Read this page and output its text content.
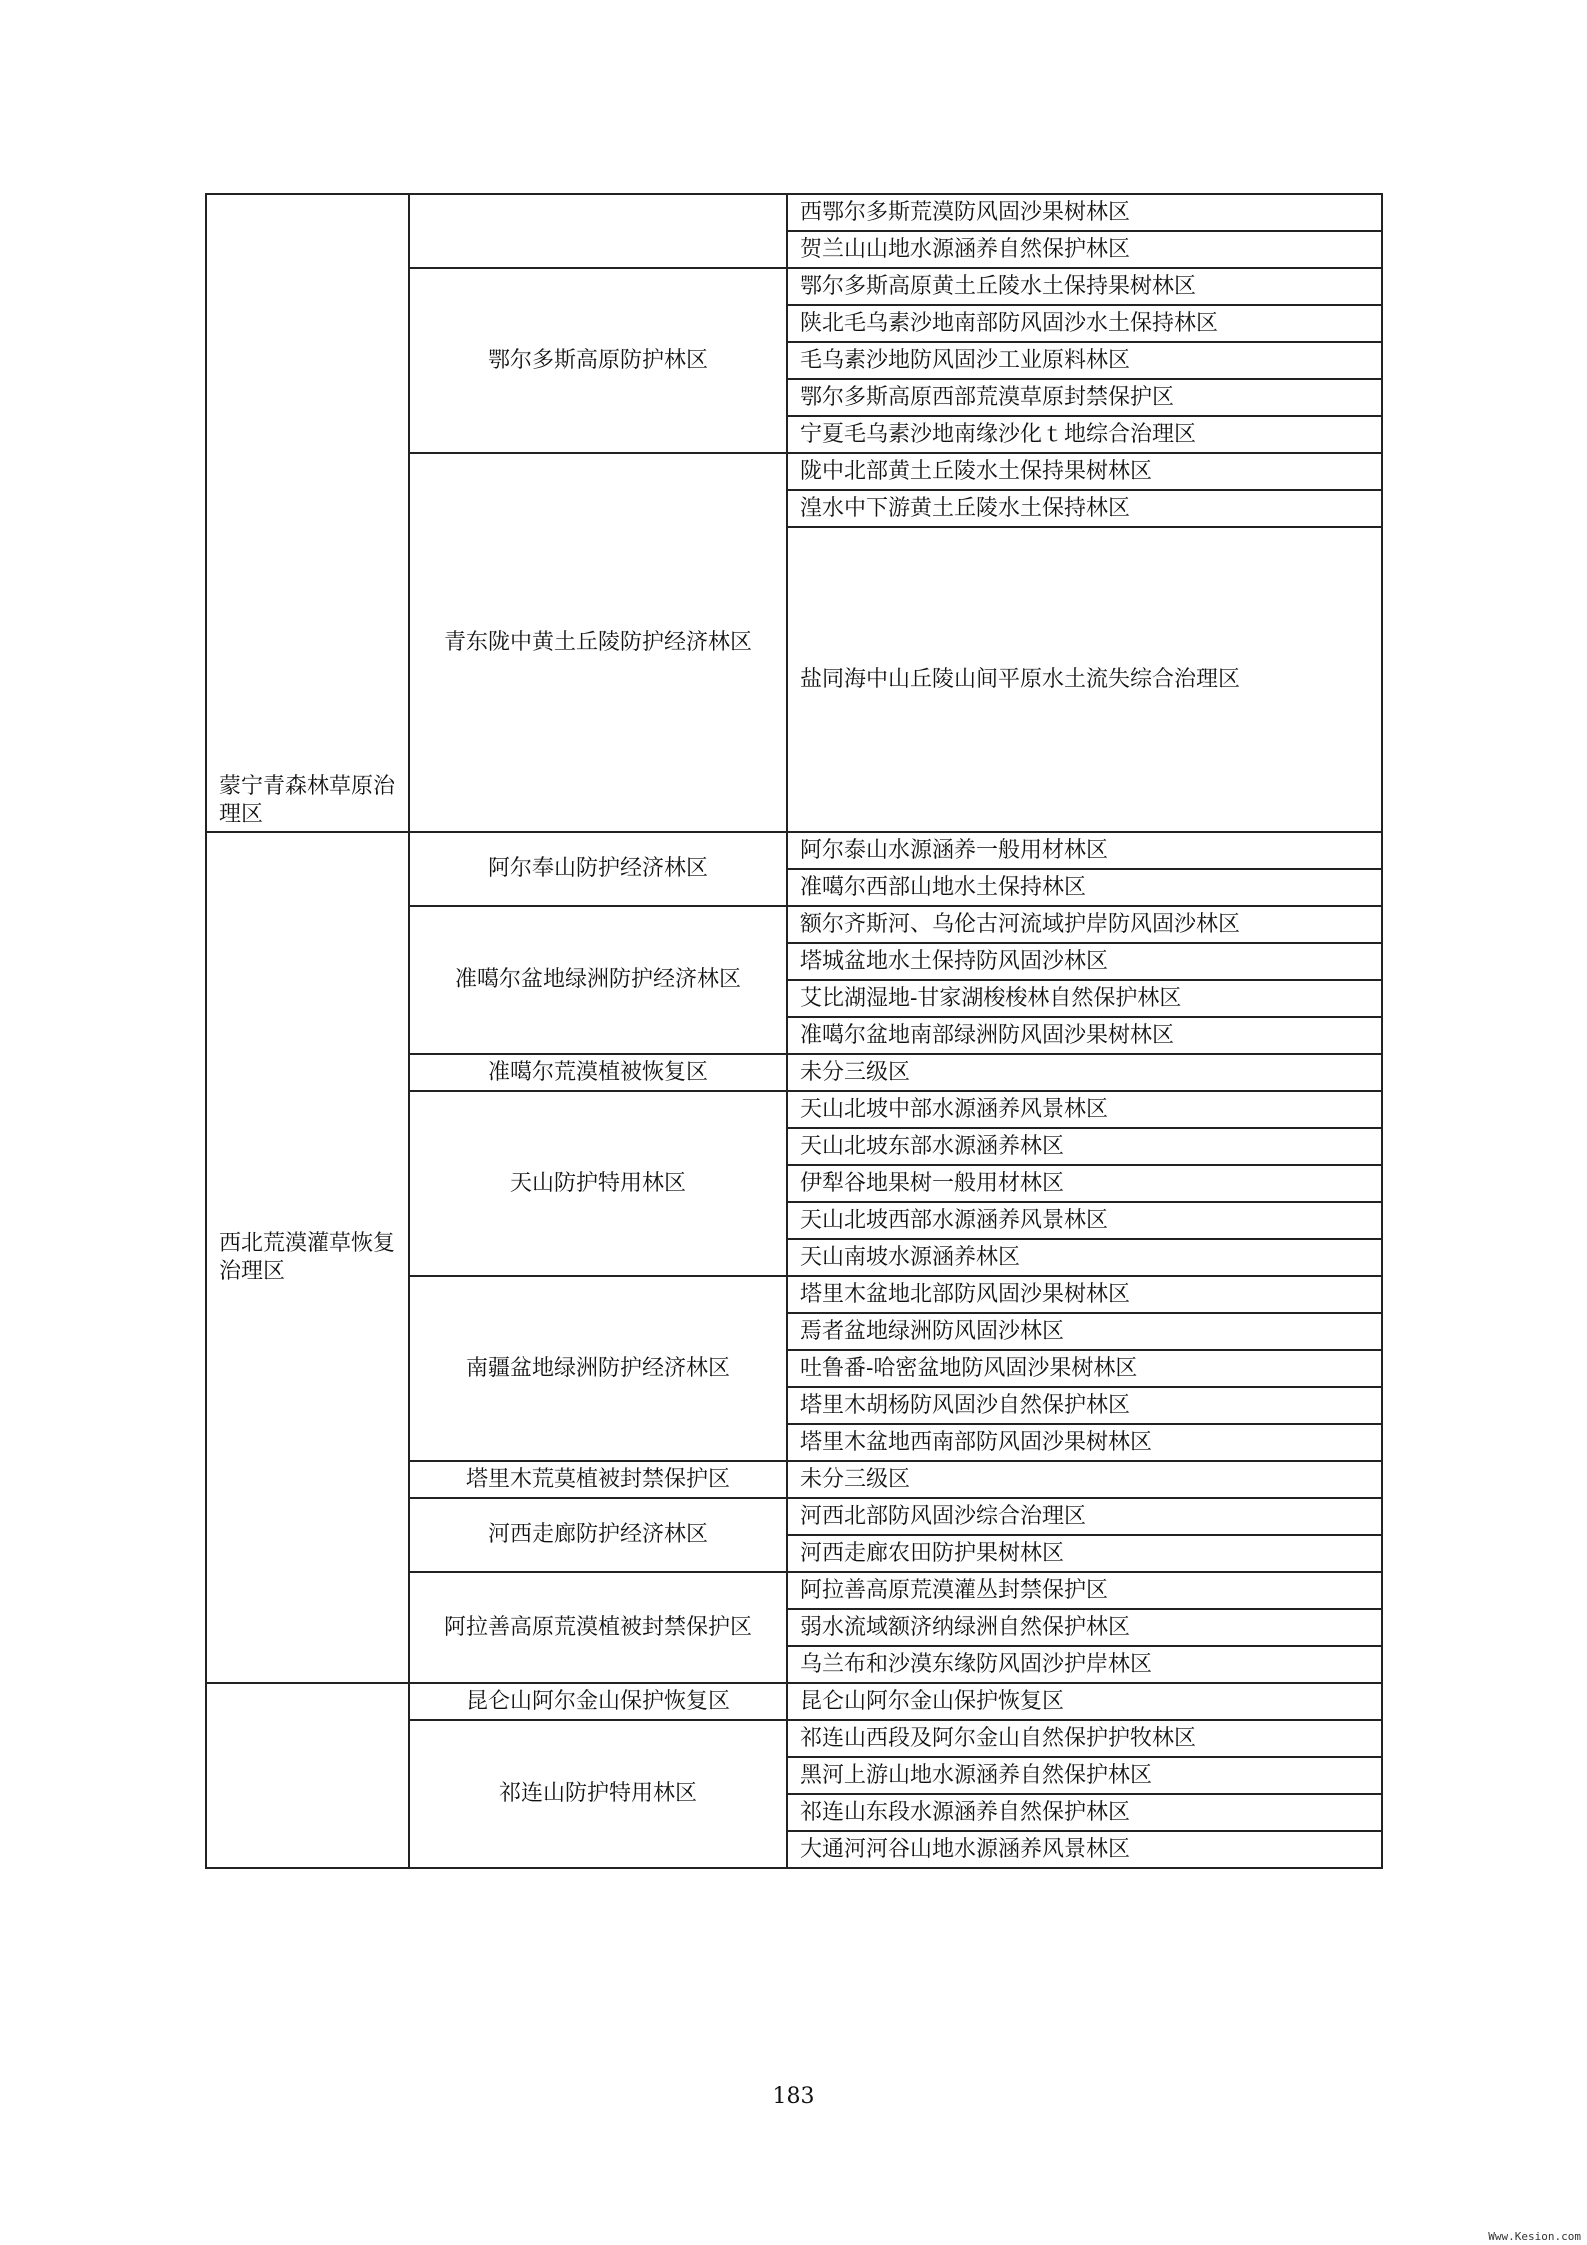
蒙宁青森林草原治理区		西鄂尔多斯荒漠防风固沙果树林区
		贺兰山山地水源涵养自然保护林区
	鄂尔多斯高原防护林区	鄂尔多斯高原黄土丘陵水土保持果树林区
		陕北毛乌素沙地南部防风固沙水土保持林区
		毛乌素沙地防风固沙工业原料林区
		鄂尔多斯高原西部荒漠草原封禁保护区
		宁夏毛乌素沙地南缘沙化ｔ地综合治理区
	青东陇中黄土丘陵防护经济林区	陇中北部黄土丘陵水土保持果树林区
		湟水中下游黄土丘陵水土保持林区
		盐同海中山丘陵山间平原水土流失综合治理区
西北荒漠灌草恢复治理区	阿尔奉山防护经济林区	阿尔泰山水源涵养一般用材林区
		准噶尔西部山地水土保持林区
	准噶尔盆地绿洲防护经济林区	额尔齐斯河、乌伦古河流域护岸防风固沙林区
		塔城盆地水土保持防风固沙林区
		艾比湖湿地-甘家湖梭梭林自然保护林区
		准噶尔盆地南部绿洲防风固沙果树林区
	准噶尔荒漠植被恢复区	未分三级区
	天山防护特用林区	天山北坡中部水源涵养风景林区
		天山北坡东部水源涵养林区
		伊犁谷地果树一般用材林区
		天山北坡西部水源涵养风景林区
		天山南坡水源涵养林区
	南疆盆地绿洲防护经济林区	塔里木盆地北部防风固沙果树林区
		焉者盆地绿洲防风固沙林区
		吐鲁番-哈密盆地防风固沙果树林区
		塔里木胡杨防风固沙自然保护林区
		塔里木盆地西南部防风固沙果树林区
	塔里木荒莫植被封禁保护区	未分三级区
	河西走廊防护经济林区	河西北部防风固沙综合治理区
		河西走廊农田防护果树林区
	阿拉善高原荒漠植被封禁保护区	阿拉善高原荒漠灌丛封禁保护区
		弱水流域额济纳绿洲自然保护林区
		乌兰布和沙漠东缘防风固沙护岸林区
	昆仑山阿尔金山保护恢复区	昆仑山阿尔金山保护恢复区
	祁连山防护特用林区	祁连山西段及阿尔金山自然保护护牧林区
		黑河上游山地水源涵养自然保护林区
		祁连山东段水源涵养自然保护林区
		大通河河谷山地水源涵养风景林区
183
Www.Kesion.com
